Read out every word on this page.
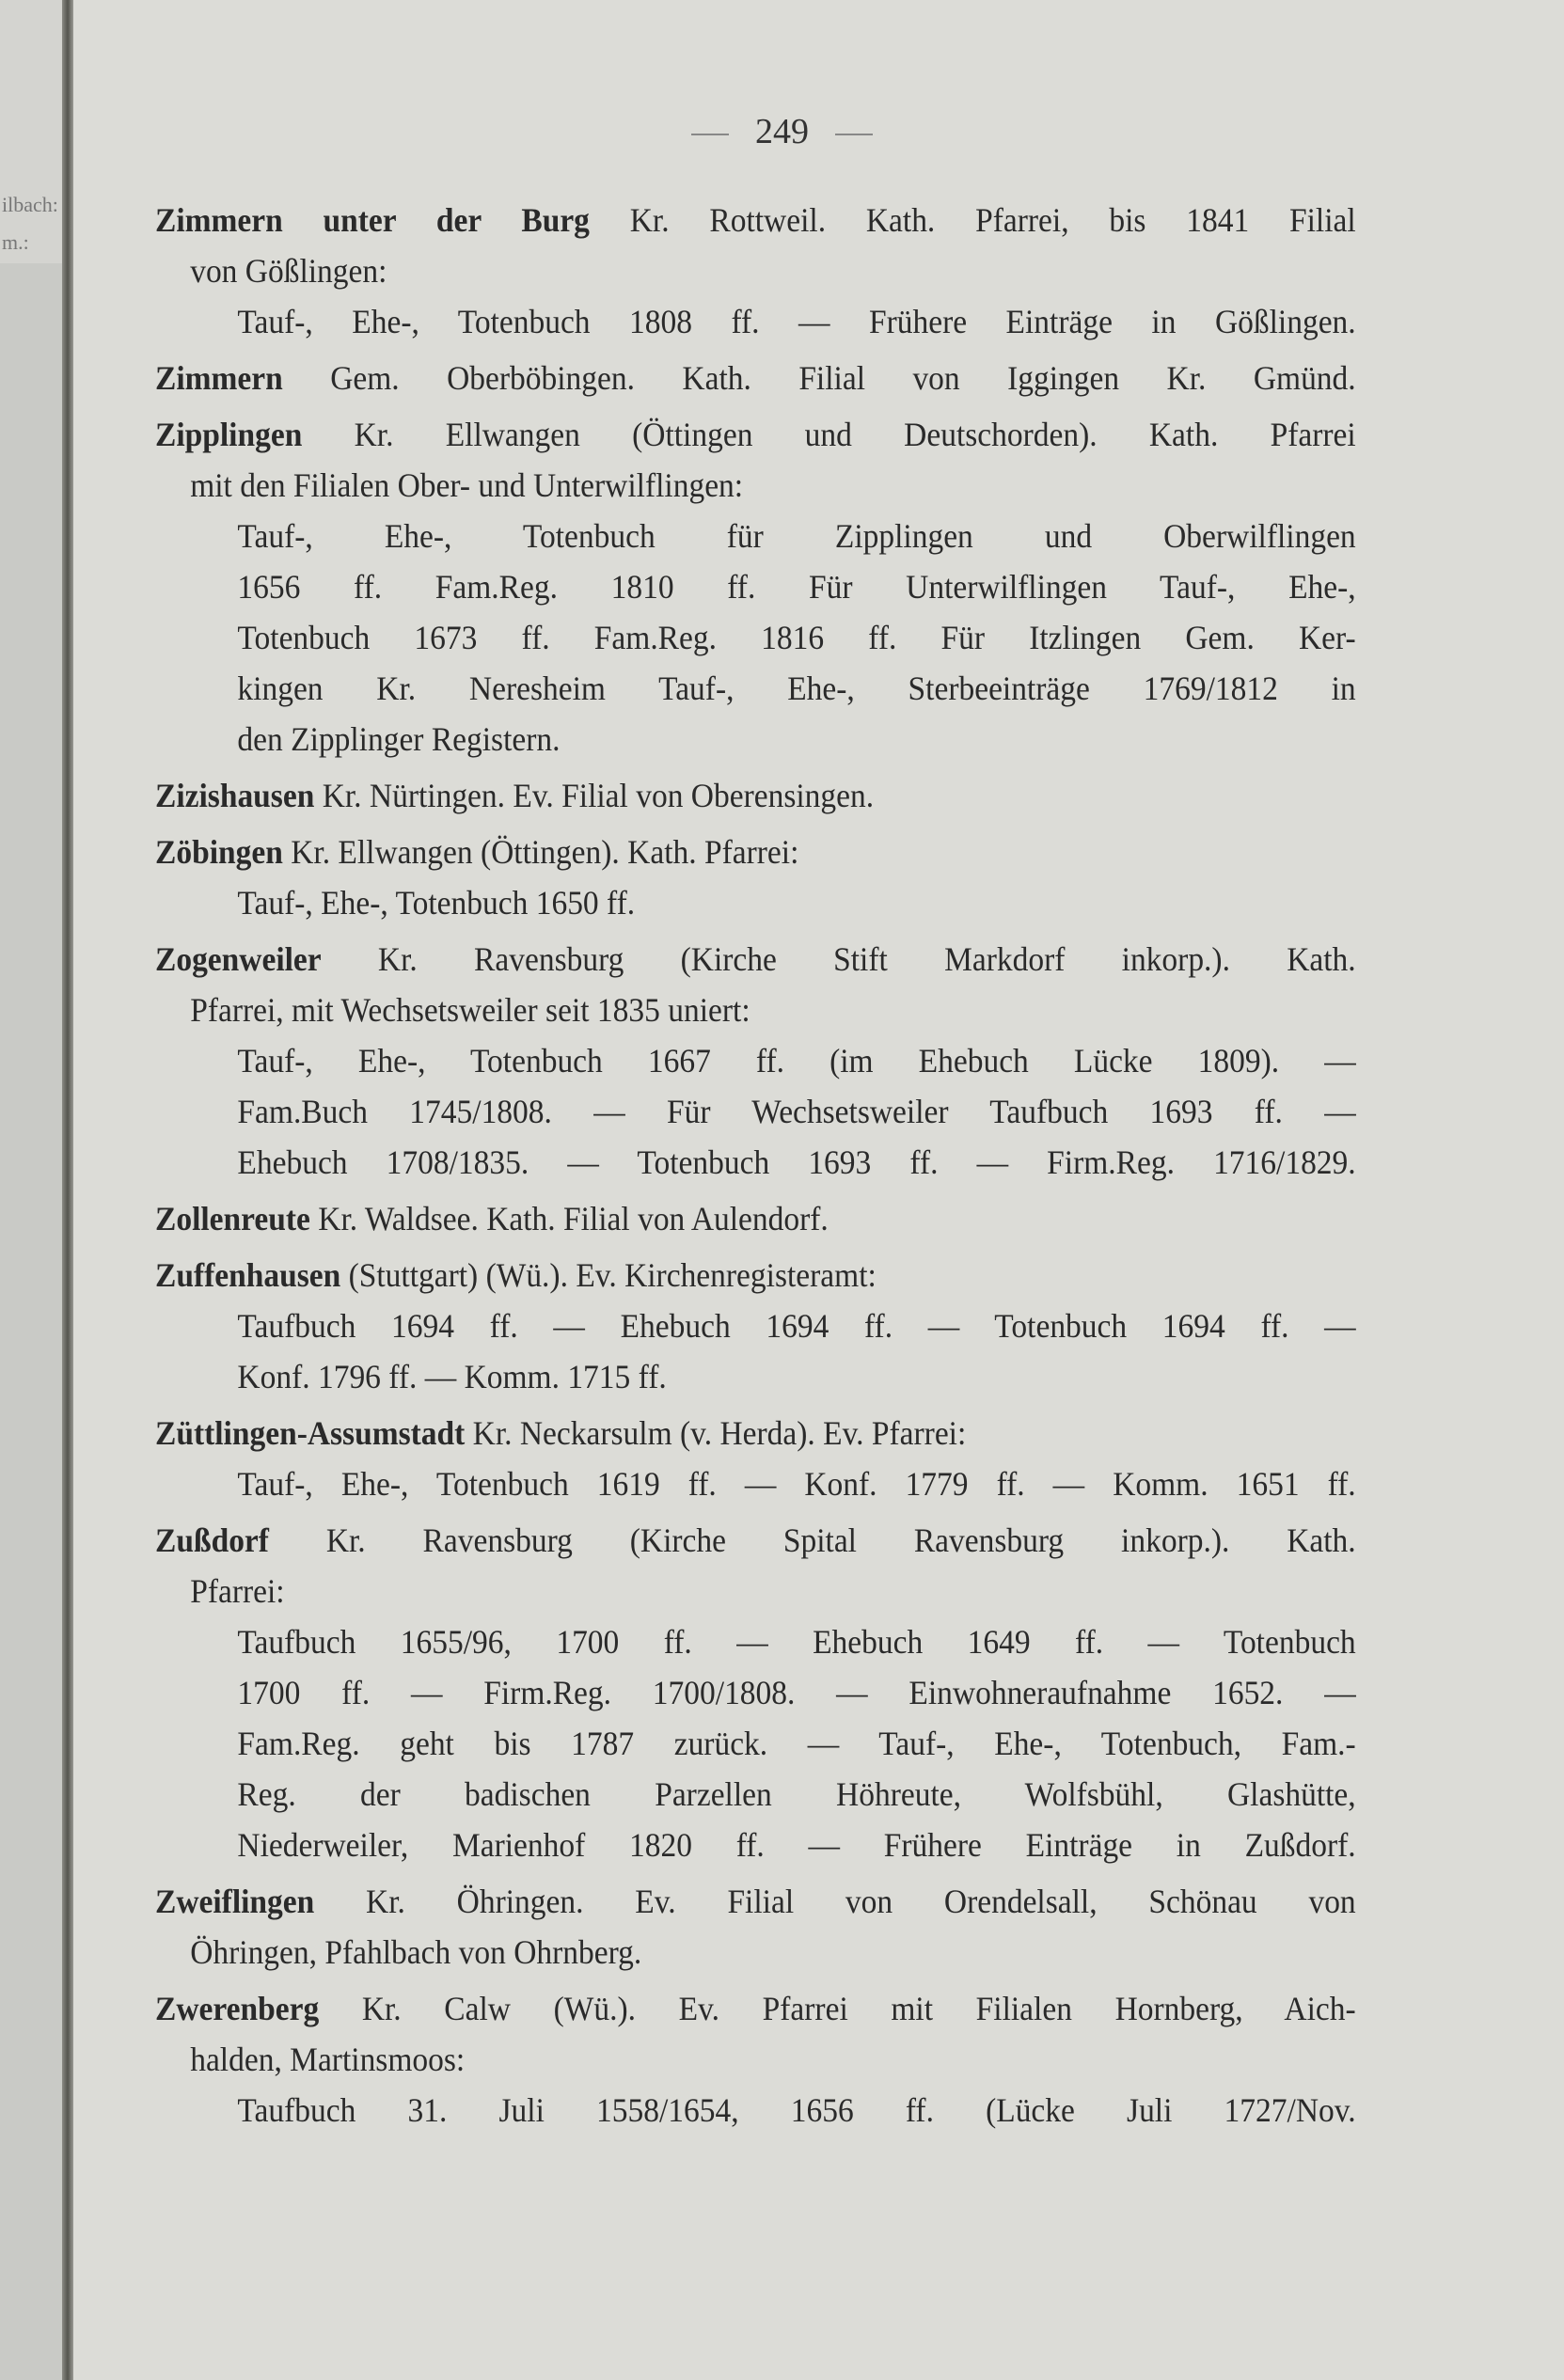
ilbach:
m.:
249
Zimmern unter der Burg Kr. Rottweil. Kath. Pfarrei, bis 1841 Filial
von Gößlingen:
Tauf-, Ehe-, Totenbuch 1808 ff. — Frühere Einträge in Gößlingen.
Zimmern Gem. Oberböbingen. Kath. Filial von Iggingen Kr. Gmünd.
Zipplingen Kr. Ellwangen (Öttingen und Deutschorden). Kath. Pfarrei
mit den Filialen Ober- und Unterwilflingen:
Tauf-, Ehe-, Totenbuch für Zipplingen und Oberwilflingen
1656 ff. Fam.Reg. 1810 ff. Für Unterwilflingen Tauf-, Ehe-,
Totenbuch 1673 ff. Fam.Reg. 1816 ff. Für Itzlingen Gem. Ker-
kingen Kr. Neresheim Tauf-, Ehe-, Sterbeeinträge 1769/1812 in
den Zipplinger Registern.
Zizishausen Kr. Nürtingen. Ev. Filial von Oberensingen.
Zöbingen Kr. Ellwangen (Öttingen). Kath. Pfarrei:
Tauf-, Ehe-, Totenbuch 1650 ff.
Zogenweiler Kr. Ravensburg (Kirche Stift Markdorf inkorp.). Kath.
Pfarrei, mit Wechsetsweiler seit 1835 uniert:
Tauf-, Ehe-, Totenbuch 1667 ff. (im Ehebuch Lücke 1809). —
Fam.Buch 1745/1808. — Für Wechsetsweiler Taufbuch 1693 ff. —
Ehebuch 1708/1835. — Totenbuch 1693 ff. — Firm.Reg. 1716/1829.
Zollenreute Kr. Waldsee. Kath. Filial von Aulendorf.
Zuffenhausen (Stuttgart) (Wü.). Ev. Kirchenregisteramt:
Taufbuch 1694 ff. — Ehebuch 1694 ff. — Totenbuch 1694 ff. —
Konf. 1796 ff. — Komm. 1715 ff.
Züttlingen-Assumstadt Kr. Neckarsulm (v. Herda). Ev. Pfarrei:
Tauf-, Ehe-, Totenbuch 1619 ff. — Konf. 1779 ff. — Komm. 1651 ff.
Zußdorf Kr. Ravensburg (Kirche Spital Ravensburg inkorp.). Kath.
Pfarrei:
Taufbuch 1655/96, 1700 ff. — Ehebuch 1649 ff. — Totenbuch
1700 ff. — Firm.Reg. 1700/1808. — Einwohneraufnahme 1652. —
Fam.Reg. geht bis 1787 zurück. — Tauf-, Ehe-, Totenbuch, Fam.-
Reg. der badischen Parzellen Höhreute, Wolfsbühl, Glashütte,
Niederweiler, Marienhof 1820 ff. — Frühere Einträge in Zußdorf.
Zweiflingen Kr. Öhringen. Ev. Filial von Orendelsall, Schönau von
Öhringen, Pfahlbach von Ohrnberg.
Zwerenberg Kr. Calw (Wü.). Ev. Pfarrei mit Filialen Hornberg, Aich-
halden, Martinsmoos:
Taufbuch 31. Juli 1558/1654, 1656 ff. (Lücke Juli 1727/Nov.
